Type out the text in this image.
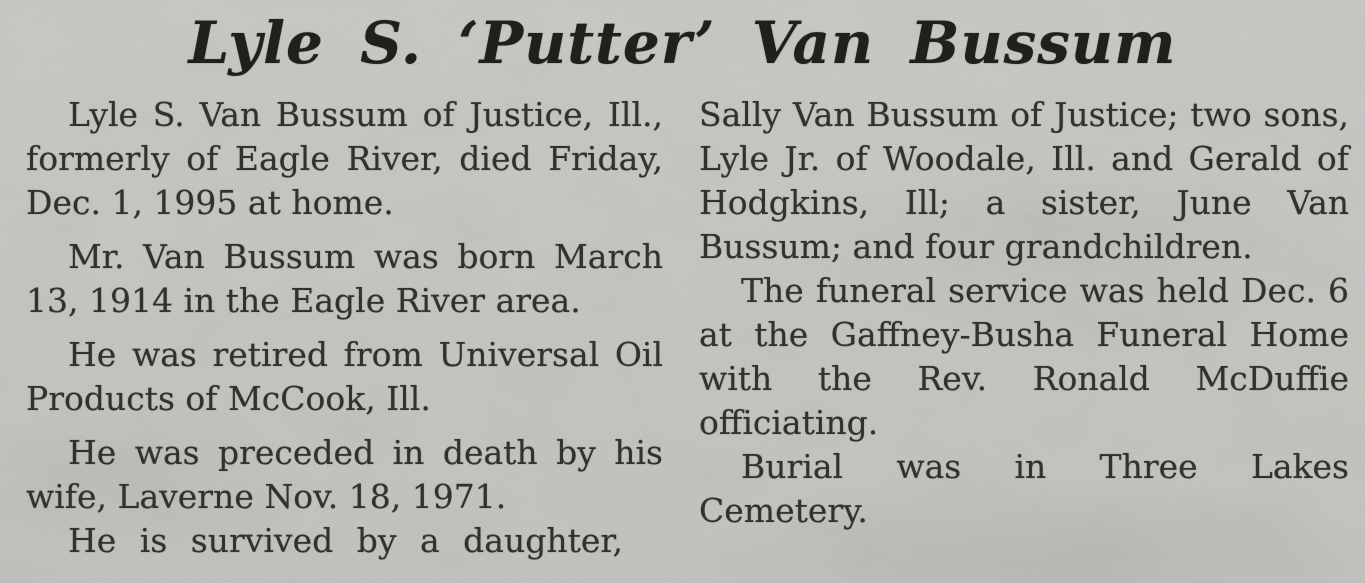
Lyle S. ‘Putter’ Van Bussum

Lyle S. Van Bussum of Justice, Ill., formerly of Eagle River, died Friday, Dec. 1, 1995 at home.

Mr. Van Bussum was born March 13, 1914 in the Eagle River area.

He was retired from Universal Oil Products of McCook, Ill.

He was preceded in death by his wife, Laverne Nov. 18, 1971.

He is survived by a daughter,

Sally Van Bussum of Justice; two sons, Lyle Jr. of Woodale, Ill. and Gerald of Hodgkins, Ill; a sister, June Van Bussum; and four grandchildren.

The funeral service was held Dec. 6 at the Gaffney-Busha Funeral Home with the Rev. Ronald McDuffie officiating.

Burial was in Three Lakes Cemetery.
